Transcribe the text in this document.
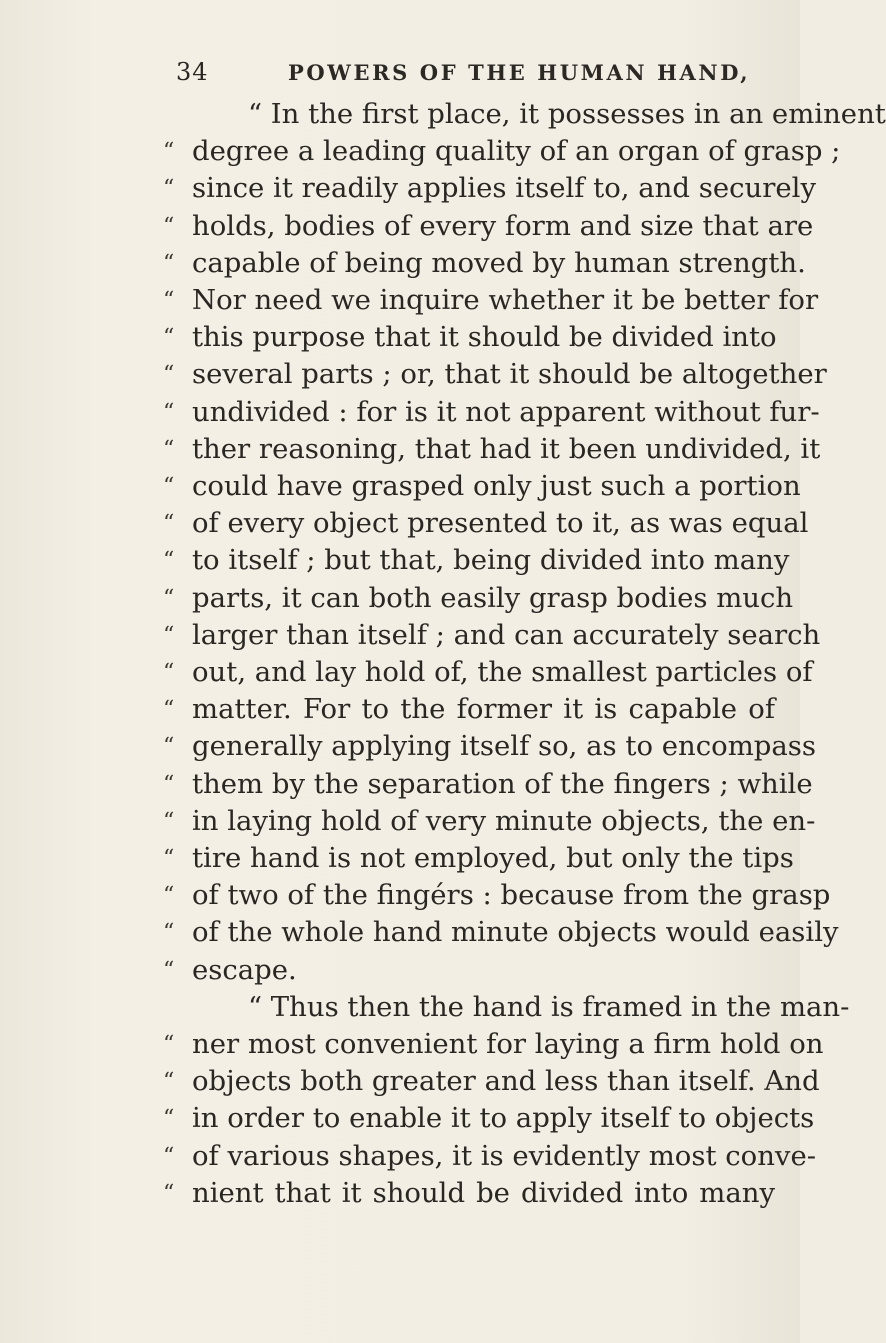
34	POWERS OF THE HUMAN HAND,
“ In the first place, it possesses in an eminent
“ degree a leading quality of an organ of grasp ;
“ since it readily applies itself to, and securely
“ holds, bodies of every form and size that are
“ capable of being moved by human strength.
“ Nor need we inquire whether it be better for
“ this purpose that it should be divided into
“ several parts ; or, that it should be altogether
“ undivided : for is it not apparent without fur-
“ ther reasoning, that had it been undivided, it
“ could have grasped only just such a portion
“ of every object presented to it, as was equal
“ to itself ; but that, being divided into many
“ parts, it can both easily grasp bodies much
“ larger than itself ; and can accurately search
“ out, and lay hold of, the smallest particles of
“ matter. For to the former it is capable of
“ generally applying itself so, as to encompass
“ them by the separation of the fingers ; while
“ in laying hold of very minute objects, the en-
“ tire hand is not employed, but only the tips
“ of two of the fingérs : because from the grasp
“ of the whole hand minute objects would easily
“ escape.
“ Thus then the hand is framed in the man-
“ ner most convenient for laying a firm hold on
“ objects both greater and less than itself. And
“ in order to enable it to apply itself to objects
“ of various shapes, it is evidently most conve-
“ nient that it should be divided into many
